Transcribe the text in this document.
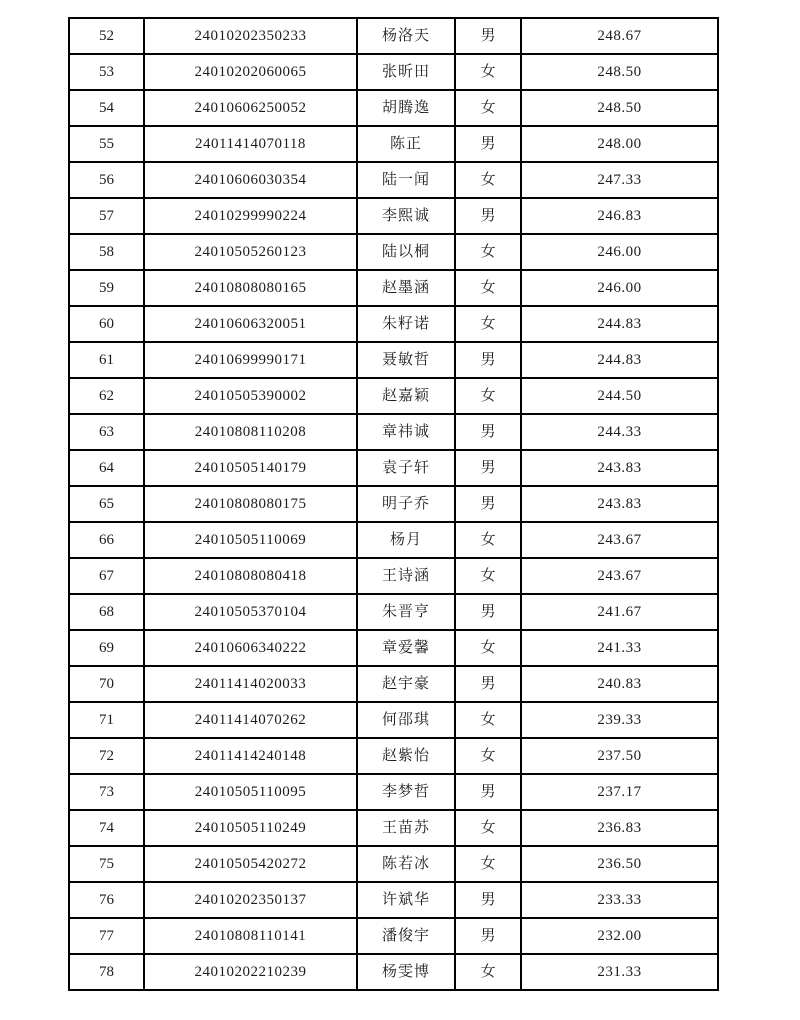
52	24010202350233	杨洛天	男	248.67
53	24010202060065	张昕田	女	248.50
54	24010606250052	胡腾逸	女	248.50
55	24011414070118	陈正	男	248.00
56	24010606030354	陆一闻	女	247.33
57	24010299990224	李熙诚	男	246.83
58	24010505260123	陆以桐	女	246.00
59	24010808080165	赵墨涵	女	246.00
60	24010606320051	朱籽诺	女	244.83
61	24010699990171	聂敏哲	男	244.83
62	24010505390002	赵嘉颖	女	244.50
63	24010808110208	章祎诚	男	244.33
64	24010505140179	袁子轩	男	243.83
65	24010808080175	明子乔	男	243.83
66	24010505110069	杨月	女	243.67
67	24010808080418	王诗涵	女	243.67
68	24010505370104	朱晋亨	男	241.67
69	24010606340222	章爱馨	女	241.33
70	24011414020033	赵宇豪	男	240.83
71	24011414070262	何邵琪	女	239.33
72	24011414240148	赵紫怡	女	237.50
73	24010505110095	李梦哲	男	237.17
74	24010505110249	王苗苏	女	236.83
75	24010505420272	陈若冰	女	236.50
76	24010202350137	许斌华	男	233.33
77	24010808110141	潘俊宇	男	232.00
78	24010202210239	杨雯博	女	231.33
